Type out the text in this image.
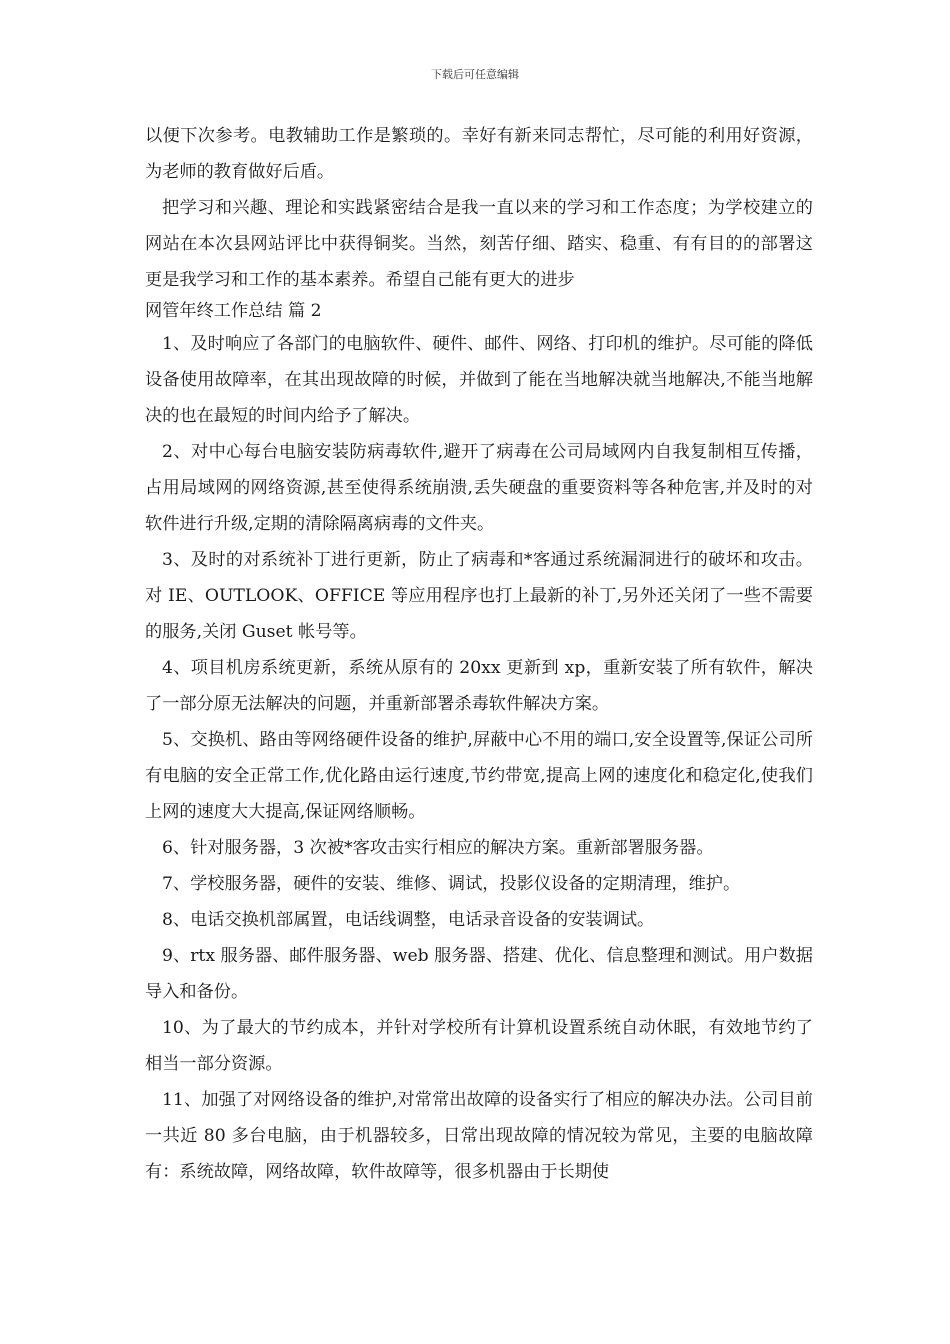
下载后可任意编辑

以便下次参考。电教辅助工作是繁琐的。幸好有新来同志帮忙，尽可能的利用好资源，为老师的教育做好后盾。

把学习和兴趣、理论和实践紧密结合是我一直以来的学习和工作态度；为学校建立的网站在本次县网站评比中获得铜奖。当然，刻苦仔细、踏实、稳重、有有目的的部署这更是我学习和工作的基本素养。希望自己能有更大的进步

网管年终工作总结 篇 2

1、及时响应了各部门的电脑软件、硬件、邮件、网络、打印机的维护。尽可能的降低设备使用故障率，在其出现故障的时候，并做到了能在当地解决就当地解决,不能当地解决的也在最短的时间内给予了解决。

2、对中心每台电脑安装防病毒软件,避开了病毒在公司局域网内自我复制相互传播，占用局域网的网络资源,甚至使得系统崩溃,丢失硬盘的重要资料等各种危害,并及时的对软件进行升级,定期的清除隔离病毒的文件夹。

3、及时的对系统补丁进行更新，防止了病毒和*客通过系统漏洞进行的破坏和攻击。对 IE、OUTLOOK、OFFICE 等应用程序也打上最新的补丁,另外还关闭了一些不需要的服务,关闭 Guset 帐号等。

4、项目机房系统更新，系统从原有的 20xx 更新到 xp，重新安装了所有软件，解决了一部分原无法解决的问题，并重新部署杀毒软件解决方案。

5、交换机、路由等网络硬件设备的维护,屏蔽中心不用的端口,安全设置等,保证公司所有电脑的安全正常工作,优化路由运行速度,节约带宽,提高上网的速度化和稳定化,使我们上网的速度大大提高,保证网络顺畅。

6、针对服务器，3 次被*客攻击实行相应的解决方案。重新部署服务器。

7、学校服务器，硬件的安装、维修、调试，投影仪设备的定期清理，维护。

8、电话交换机部属置，电话线调整，电话录音设备的安装调试。

9、rtx 服务器、邮件服务器、web 服务器、搭建、优化、信息整理和测试。用户数据导入和备份。

10、为了最大的节约成本，并针对学校所有计算机设置系统自动休眠，有效地节约了相当一部分资源。

11、加强了对网络设备的维护,对常常出故障的设备实行了相应的解决办法。公司目前一共近 80 多台电脑，由于机器较多，日常出现故障的情况较为常见，主要的电脑故障有：系统故障，网络故障，软件故障等，很多机器由于长期使
